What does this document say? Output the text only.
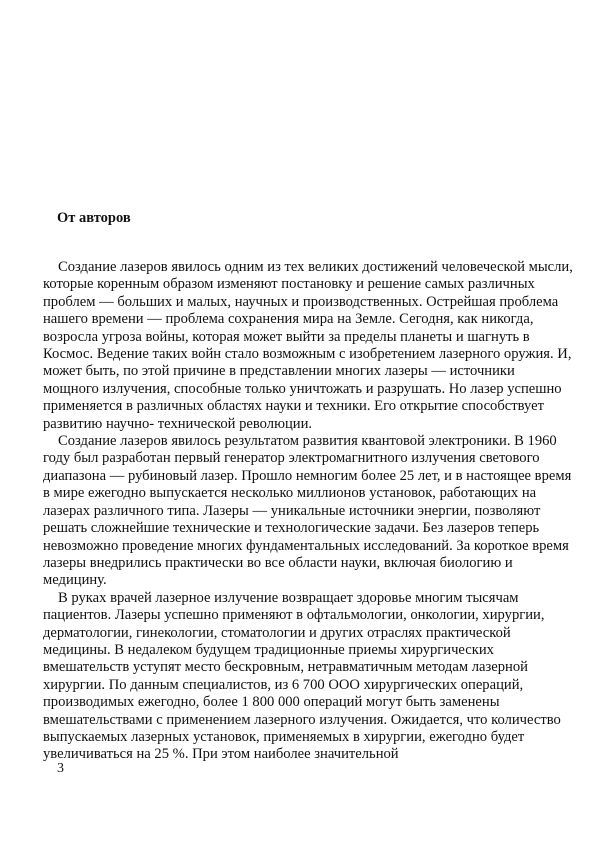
От авторов
Создание лазеров явилось одним из тех великих достижений человеческой мысли,
которые коренным образом изменяют постановку и решение самых различных
проблем — больших и малых, научных и производственных. Острейшая проблема
нашего времени — проблема сохранения мира на Земле. Сегодня, как никогда,
возросла угроза войны, которая может выйти за пределы планеты и шагнуть в
Космос. Ведение таких войн стало возможным с изобретением лазерного оружия. И,
может быть, по этой причине в представлении многих лазеры — источники
мощного излучения, способные только уничтожать и разрушать. Но лазер успешно
применяется в различных областях науки и техники. Его открытие способствует
развитию научно- технической революции.
Создание лазеров явилось результатом развития квантовой электроники. В 1960
году был разработан первый генератор электромагнитного излучения светового
диапазона — рубиновый лазер. Прошло немногим более 25 лет, и в настоящее время
в мире ежегодно выпускается несколько миллионов установок, работающих на
лазерах различного типа. Лазеры — уникальные источники энергии, позволяют
решать сложнейшие технические и технологические задачи. Без лазеров теперь
невозможно проведение многих фундаментальных исследований. За короткое время
лазеры внедрились практически во все области науки, включая биологию и
медицину.
В руках врачей лазерное излучение возвращает здоровье многим тысячам
пациентов. Лазеры успешно применяют в офтальмологии, онкологии, хирургии,
дерматологии, гинекологии, стоматологии и других отраслях практической
медицины. В недалеком будущем традиционные приемы хирургических
вмешательств уступят место бескровным, нетравматичным методам лазерной
хирургии. По данным специалистов, из 6 700 ООО хирургических операций,
производимых ежегодно, более 1 800 000 операций могут быть заменены
вмешательствами с применением лазерного излучения. Ожидается, что количество
выпускаемых лазерных установок, применяемых в хирургии, ежегодно будет
увеличиваться на 25 %. При этом наиболее значительной
3
